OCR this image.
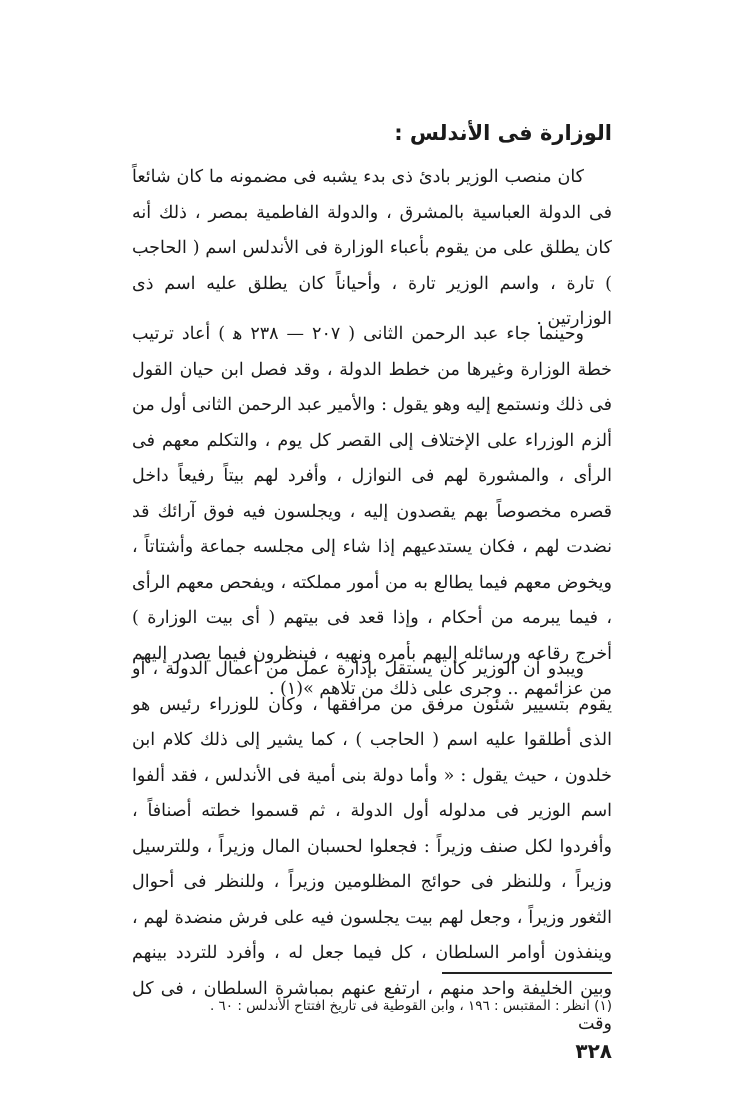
الوزارة فى الأندلس :

كان منصب الوزير بادئ ذى بدء يشبه فى مضمونه ما كان شائعاً فى الدولة العباسية بالمشرق ، والدولة الفاطمية بمصر ، ذلك أنه كان يطلق على من يقوم بأعباء الوزارة فى الأندلس اسم ( الحاجب ) تارة ، واسم الوزير تارة ، وأحياناً كان يطلق عليه اسم ذى الوزارتين .

وحينما جاء عبد الرحمن الثانى ( ٢٠٧ — ٢٣٨ ﻫ ) أعاد ترتيب خطة الوزارة وغيرها من خطط الدولة ، وقد فصل ابن حيان القول فى ذلك ونستمع إليه وهو يقول : والأمير عبد الرحمن الثانى أول من ألزم الوزراء على الإختلاف إلى القصر كل يوم ، والتكلم معهم فى الرأى ، والمشورة لهم فى النوازل ، وأفرد لهم بيتاً رفيعاً داخل قصره مخصوصاً بهم يقصدون إليه ، ويجلسون فيه فوق آرائك قد نضدت لهم ، فكان يستدعيهم إذا شاء إلى مجلسه جماعة وأشتاتاً ، ويخوض معهم فيما يطالع به من أمور مملكته ، ويفحص معهم الرأى ، فيما يبرمه من أحكام ، وإذا قعد فى بيتهم ( أى بيت الوزارة ) أخرج رقاعه ورسائله إليهم بأمره ونهيه ، فينظرون فيما يصدر إليهم من عزائمهم .. وجرى على ذلك من تلاهم »(١) .

ويبدو أن الوزير كان يستقل بإدارة عمل من أعمال الدولة ، أو يقوم بتسيير شئون مرفق من مرافقها ، وكان للوزراء رئيس هو الذى أطلقوا عليه اسم ( الحاجب ) ، كما يشير إلى ذلك كلام ابن خلدون ، حيث يقول : « وأما دولة بنى أمية فى الأندلس ، فقد ألفوا اسم الوزير فى مدلوله أول الدولة ، ثم قسموا خطته أصنافاً ، وأفردوا لكل صنف وزيراً : فجعلوا لحسبان المال وزيراً ، وللترسيل وزيراً ، وللنظر فى حوائج المظلومين وزيراً ، وللنظر فى أحوال الثغور وزيراً ، وجعل لهم بيت يجلسون فيه على فرش منضدة لهم ، وينفذون أوامر السلطان ، كل فيما جعل له ، وأفرد للتردد بينهم وبين الخليفة واحد منهم ، ارتفع عنهم بمباشرة السلطان ، فى كل وقت

(١) انظر : المقتبس : ١٩٦ ، وابن القوطية فى تاريخ افتتاح الأندلس : ٦٠ .

٣٢٨
